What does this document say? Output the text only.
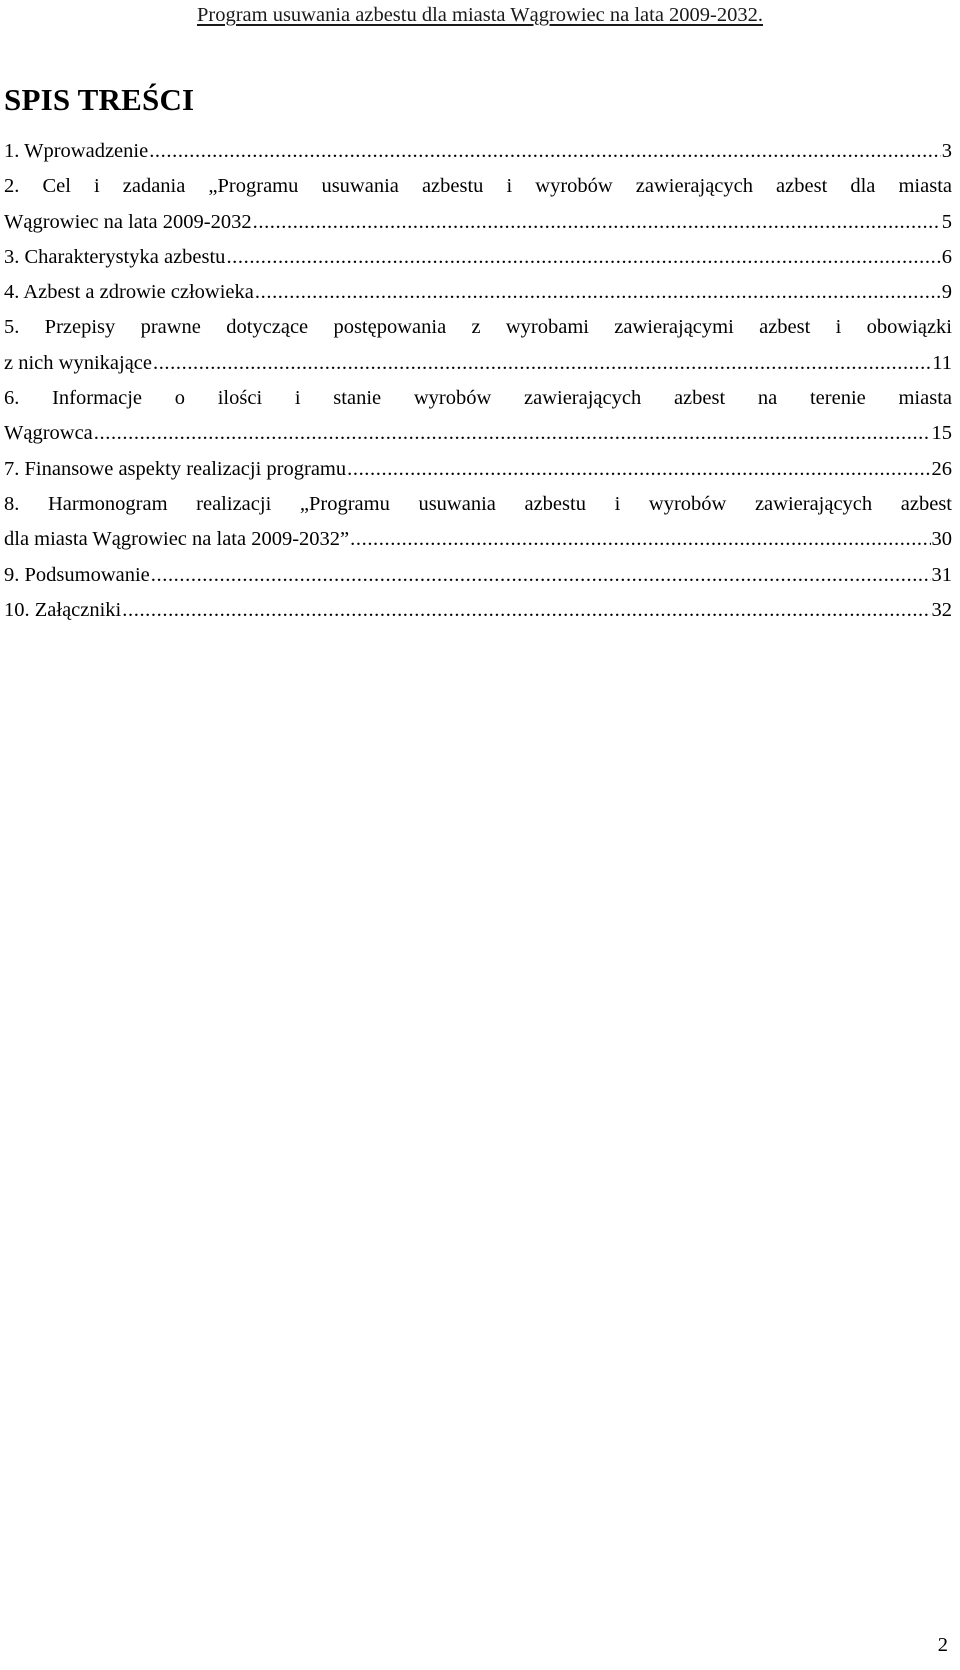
Program usuwania azbestu dla miasta Wągrowiec na lata 2009-2032.
SPIS TREŚCI
1. Wprowadzenie .....	3
2. Cel i zadania „Programu usuwania azbestu i wyrobów zawierających azbest dla miasta
Wągrowiec na lata 2009-2032 .....	5
3. Charakterystyka azbestu .....	6
4. Azbest a zdrowie człowieka .....	9
5. Przepisy prawne dotyczące postępowania z wyrobami zawierającymi azbest i obowiązki
z nich wynikające .....	11
6. Informacje o ilości i stanie wyrobów zawierających azbest na terenie miasta
Wągrowca .....	15
7. Finansowe aspekty realizacji programu .....	26
8. Harmonogram realizacji „Programu usuwania azbestu i wyrobów zawierających azbest
dla miasta Wągrowiec na lata 2009-2032” .....	30
9. Podsumowanie .....	31
10. Załączniki .....	32
2
